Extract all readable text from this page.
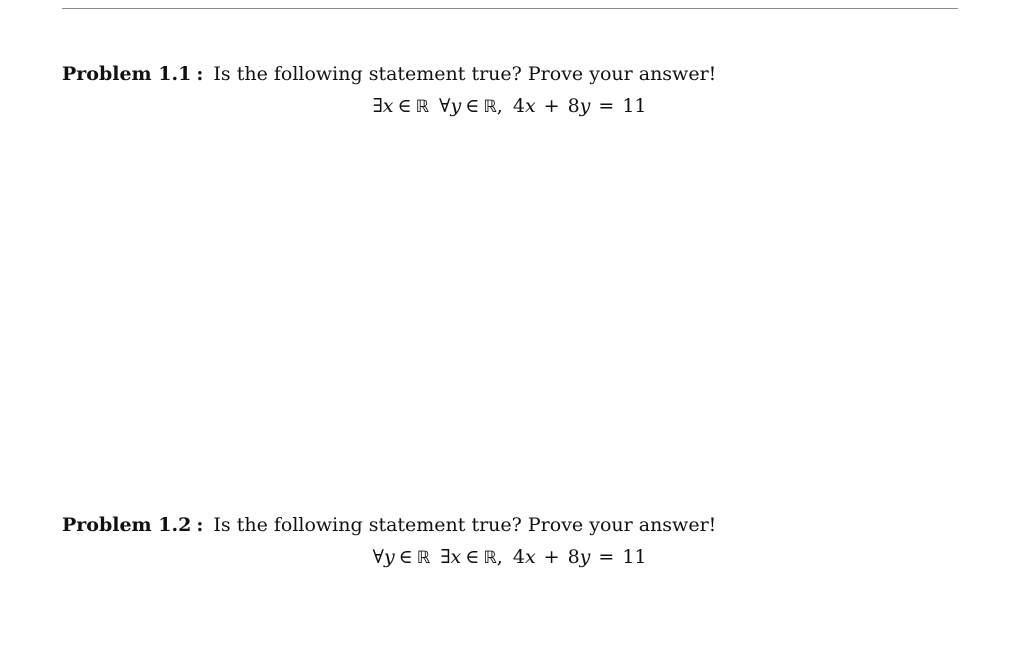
Problem 1.1 : Is the following statement true? Prove your answer!
∃x ∈ ℝ ∀y ∈ ℝ, 4x + 8y = 11
Problem 1.2 : Is the following statement true? Prove your answer!
∀y ∈ ℝ ∃x ∈ ℝ, 4x + 8y = 11
